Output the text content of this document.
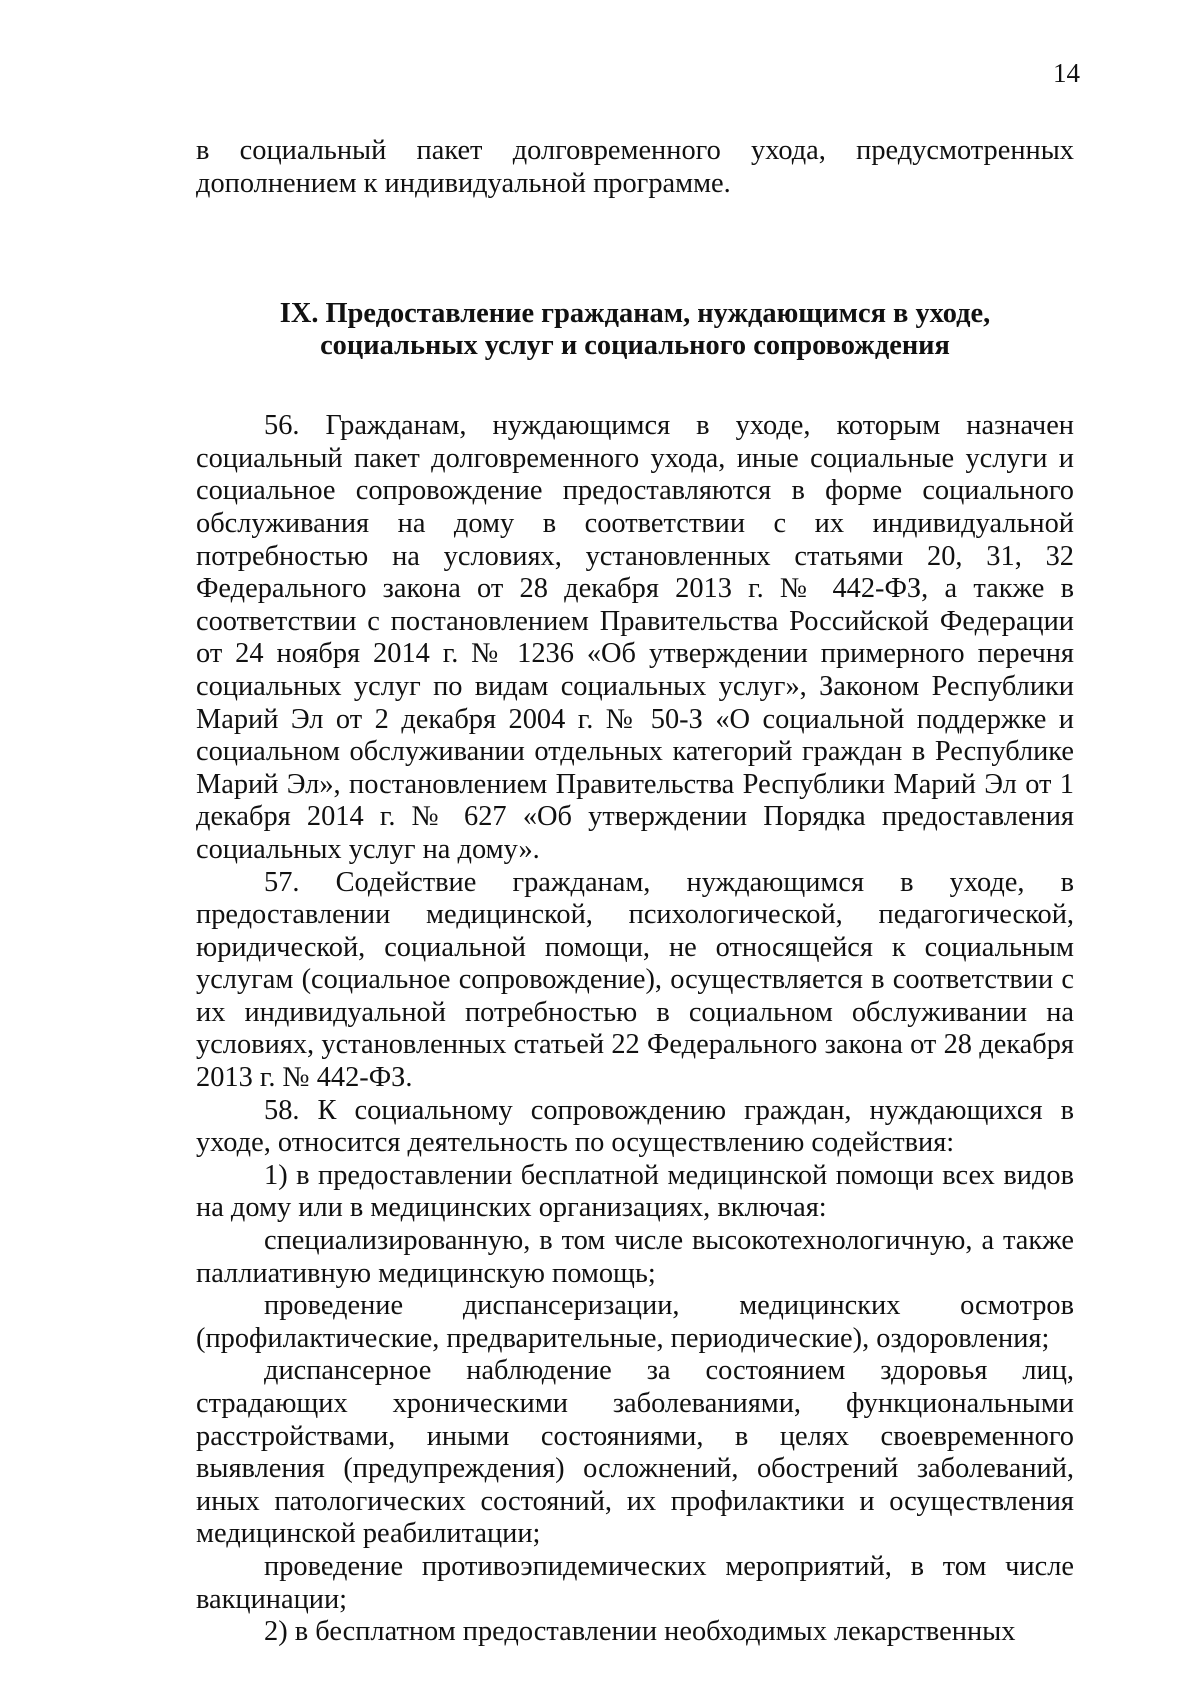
14

в социальный пакет долговременного ухода, предусмотренных дополнением к индивидуальной программе.

IX. Предоставление гражданам, нуждающимся в уходе,
социальных услуг и социального сопровождения

56. Гражданам, нуждающимся в уходе, которым назначен социальный пакет долговременного ухода, иные социальные услуги и социальное сопровождение предоставляются в форме социального обслуживания на дому в соответствии с их индивидуальной потребностью на условиях, установленных статьями 20, 31, 32 Федерального закона от 28 декабря 2013 г. № 442-ФЗ, а также в соответствии с постановлением Правительства Российской Федерации от 24 ноября 2014 г. № 1236 «Об утверждении примерного перечня социальных услуг по видам социальных услуг», Законом Республики Марий Эл от 2 декабря 2004 г. № 50-З «О социальной поддержке и социальном обслуживании отдельных категорий граждан в Республике Марий Эл», постановлением Правительства Республики Марий Эл от 1 декабря 2014 г. № 627 «Об утверждении Порядка предоставления социальных услуг на дому».

57. Содействие гражданам, нуждающимся в уходе, в предоставлении медицинской, психологической, педагогической, юридической, социальной помощи, не относящейся к социальным услугам (социальное сопровождение), осуществляется в соответствии с их индивидуальной потребностью в социальном обслуживании на условиях, установленных статьей 22 Федерального закона от 28 декабря 2013 г. № 442-ФЗ.

58. К социальному сопровождению граждан, нуждающихся в уходе, относится деятельность по осуществлению содействия:

1) в предоставлении бесплатной медицинской помощи всех видов на дому или в медицинских организациях, включая:

специализированную, в том числе высокотехнологичную, а также паллиативную медицинскую помощь;

проведение диспансеризации, медицинских осмотров (профилактические, предварительные, периодические), оздоровления;

диспансерное наблюдение за состоянием здоровья лиц, страдающих хроническими заболеваниями, функциональными расстройствами, иными состояниями, в целях своевременного выявления (предупреждения) осложнений, обострений заболеваний, иных патологических состояний, их профилактики и осуществления медицинской реабилитации;

проведение противоэпидемических мероприятий, в том числе вакцинации;

2) в бесплатном предоставлении необходимых лекарственных
